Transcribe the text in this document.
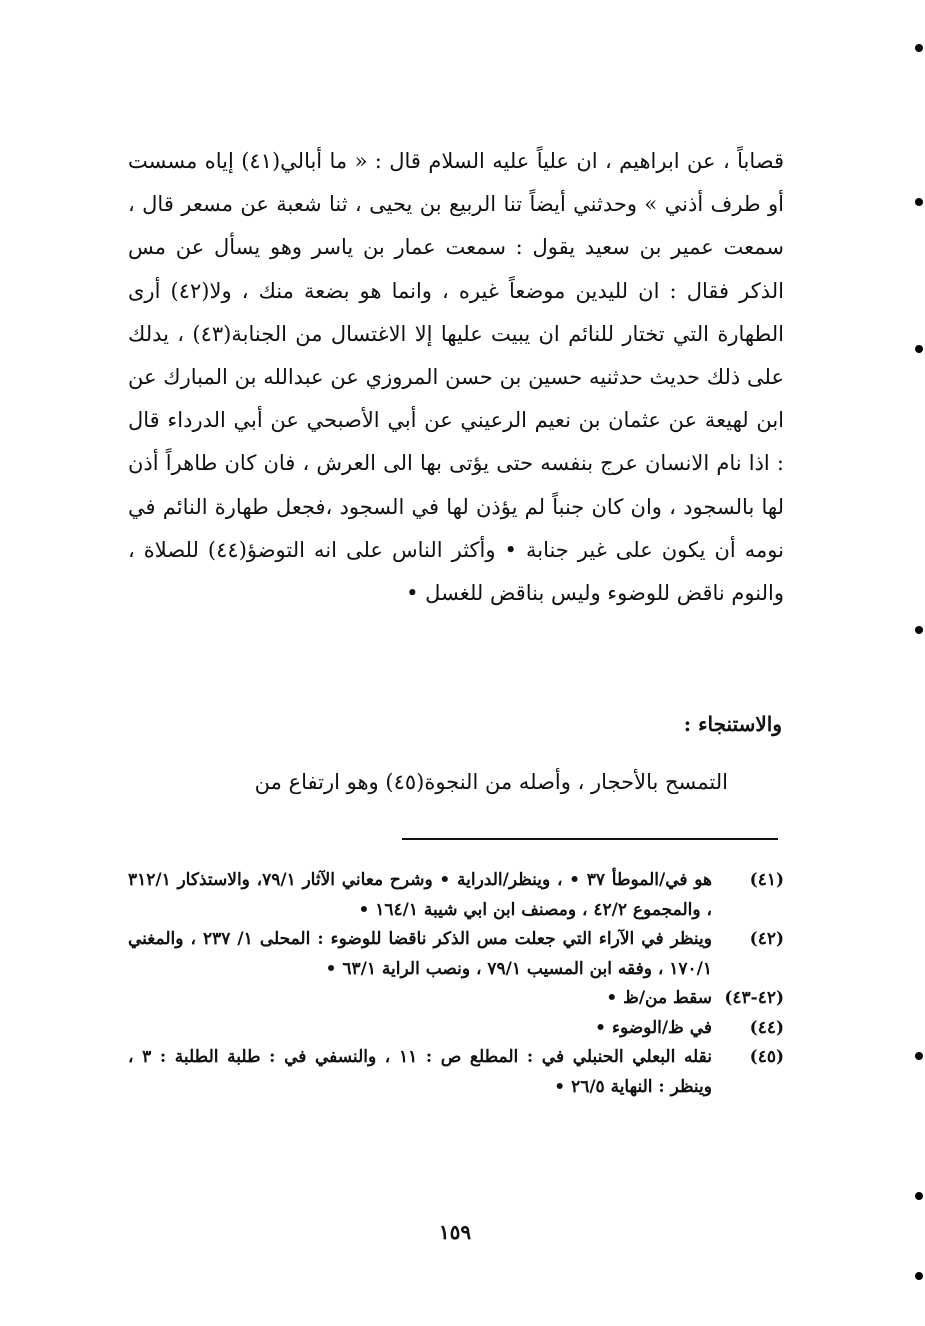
قصاباً ، عن ابراهيم ، ان علياً عليه السلام قال : « ما أبالي(٤١) إياه مسست أو طرف أذني » وحدثني أيضاً تنا الربيع بن يحيى ، ثنا شعبة عن مسعر قال ، سمعت عمير بن سعيد يقول : سمعت عمار بن ياسر وهو يسأل عن مس الذكر فقال : ان لليدين موضعاً غيره ، وانما هو بضعة منك ، ولا(٤٢) أرى الطهارة التي تختار للنائم ان يبيت عليها إلا الاغتسال من الجنابة(٤٣) ، يدلك على ذلك حديث حدثنيه حسين بن حسن المروزي عن عبدالله بن المبارك عن ابن لهيعة عن عثمان بن نعيم الرعيني عن أبي الأصبحي عن أبي الدرداء قال : اذا نام الانسان عرج بنفسه حتى يؤتى بها الى العرش ، فان كان طاهراً أذن لها بالسجود ، وان كان جنباً لم يؤذن لها في السجود ،فجعل طهارة النائم في نومه أن يكون على غير جنابة • وأكثر الناس على انه التوضؤ(٤٤) للصلاة ، والنوم ناقض للوضوء وليس بناقض للغسل •

والاستنجاء :
التمسح بالأحجار ، وأصله من النجوة(٤٥) وهو ارتفاع من
(٤١)
هو في/الموطأ ٣٧ • ، وينظر/الدراية • وشرح معاني الآثار ٧٩/١، والاستذكار ٣١٢/١ ، والمجموع ٤٢/٢ ، ومصنف ابن ابي شيبة ١٦٤/١ •
(٤٢)
وينظر في الآراء التي جعلت مس الذكر ناقضا للوضوء : المحلى ١/ ٢٣٧ ، والمغني ١٧٠/١ ، وفقه ابن المسيب ٧٩/١ ، ونصب الراية ٦٣/١ •
(٤٢-٤٣)
سقط من/ظ •
(٤٤)
في ظ/الوضوء •
(٤٥)
نقله البعلي الحنبلي في : المطلع ص : ١١ ، والنسفي في : طلبة الطلبة : ٣ ، وينظر : النهاية ٢٦/٥ •
١٥٩
